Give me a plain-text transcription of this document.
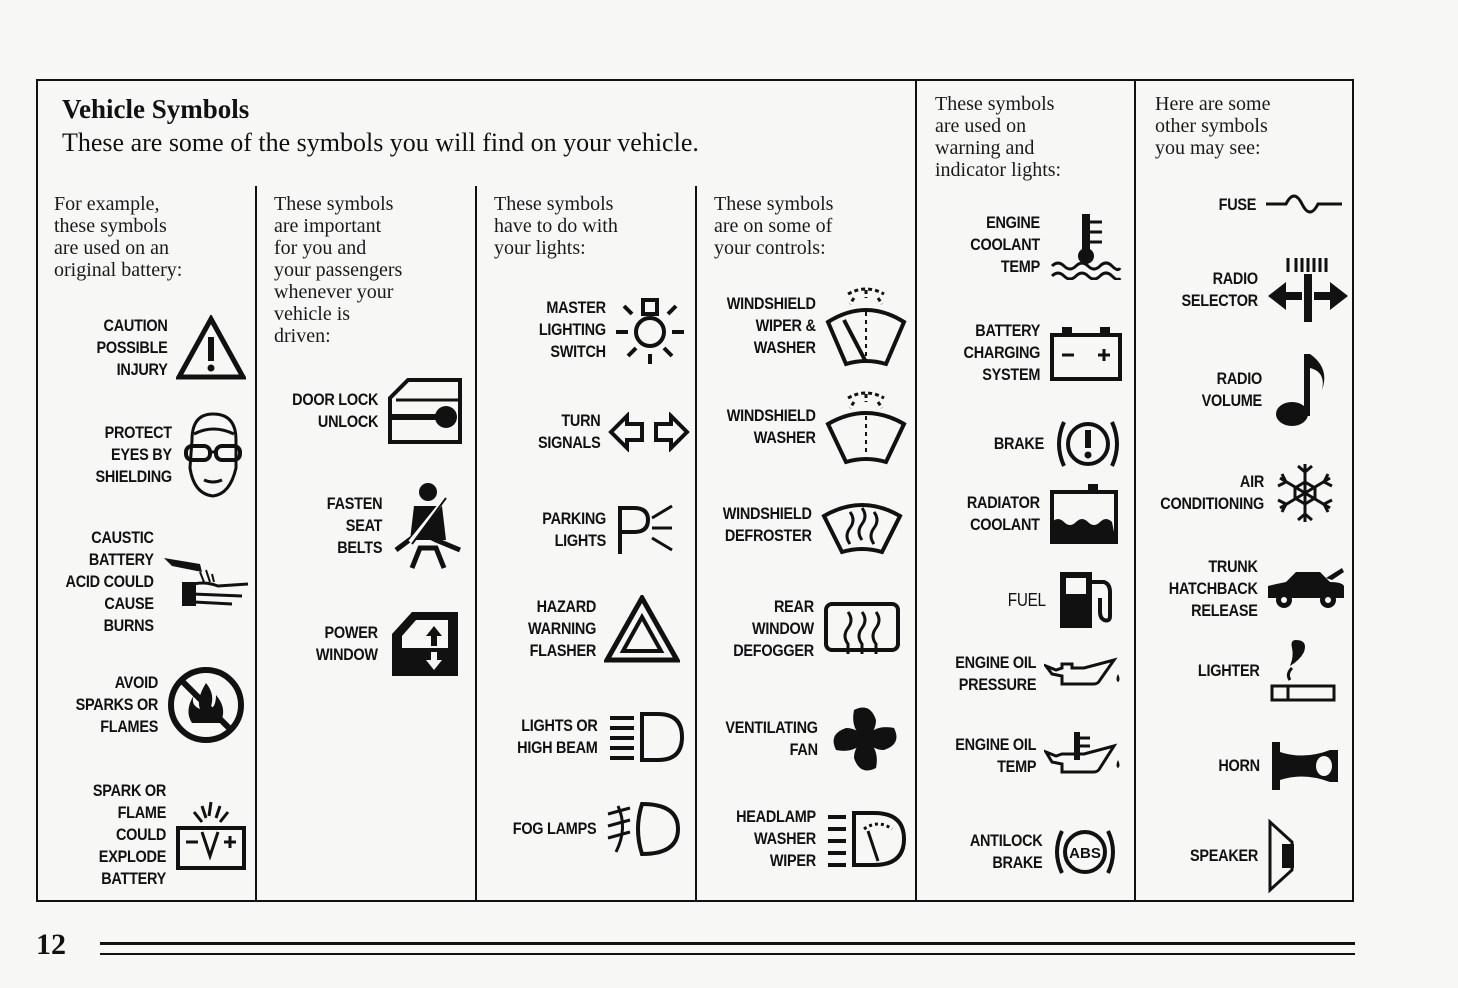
Vehicle Symbols
These are some of the symbols you will find on your vehicle.
For example,
these symbols
are used on an
original battery:
CAUTION
POSSIBLE
INJURY
PROTECT
EYES BY
SHIELDING
CAUSTIC
BATTERY
ACID COULD
CAUSE
BURNS
AVOID
SPARKS OR
FLAMES
SPARK OR
FLAME
COULD
EXPLODE
BATTERY
These symbols
are important
for you and
your passengers
whenever your
vehicle is
driven:
DOOR LOCK
UNLOCK
FASTEN
SEAT
BELTS
POWER
WINDOW
These symbols
have to do with
your lights:
MASTER
LIGHTING
SWITCH
TURN
SIGNALS
PARKING
LIGHTS
HAZARD
WARNING
FLASHER
LIGHTS OR
HIGH BEAM
FOG LAMPS
These symbols
are on some of
your controls:
WINDSHIELD
WIPER &
WASHER
WINDSHIELD
WASHER
WINDSHIELD
DEFROSTER
REAR
WINDOW
DEFOGGER
VENTILATING
FAN
HEADLAMP
WASHER
WIPER
These symbols
are used on
warning and
indicator lights:
ENGINE
COOLANT
TEMP
BATTERY
CHARGING
SYSTEM
BRAKE
RADIATOR
COOLANT
FUEL
ENGINE OIL
PRESSURE
ENGINE OIL
TEMP
ANTILOCK
BRAKE ABS
Here are some
other symbols
you may see:
FUSE
RADIO
SELECTOR
RADIO
VOLUME
AIR
CONDITIONING
TRUNK
HATCHBACK
RELEASE
LIGHTER
HORN
SPEAKER
12
